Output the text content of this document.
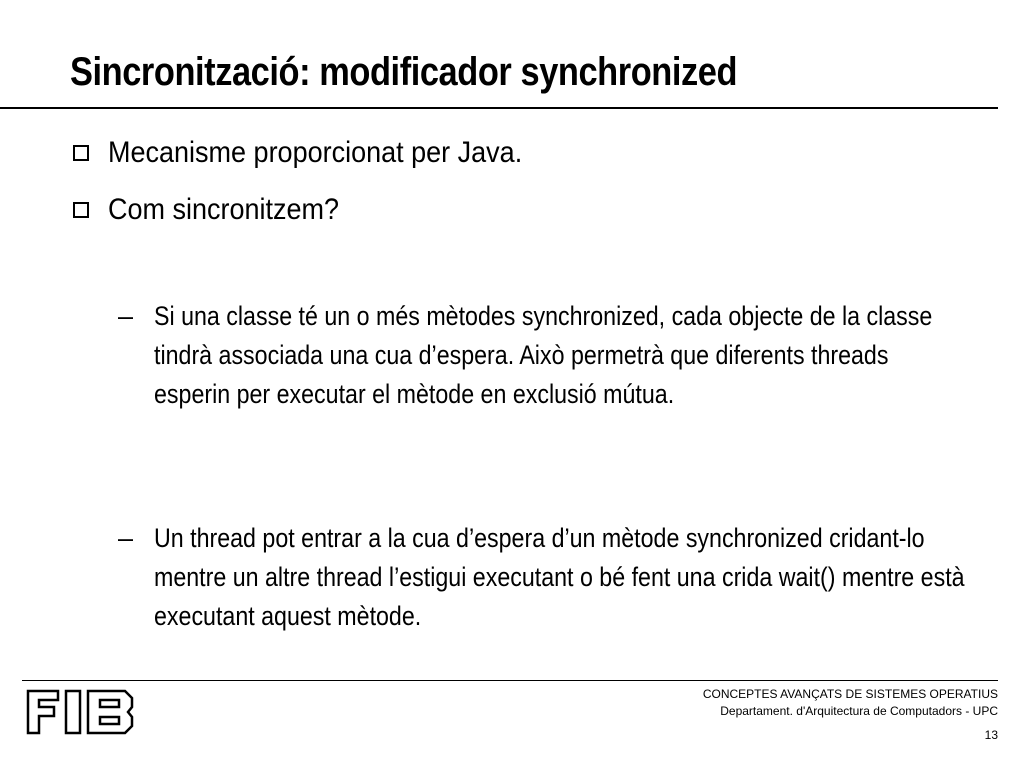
Sincronització: modificador synchronized
Mecanisme proporcionat per Java.
Com sincronitzem?
– Si una classe té un o més mètodes synchronized, cada objecte de la classe tindrà associada una cua d’espera. Això permetrà que diferents threads esperin per executar el mètode en exclusió mútua.
– Un thread pot entrar a la cua d’espera d’un mètode synchronized cridant-lo mentre un altre thread l’estigui executant o bé fent una crida wait() mentre està executant aquest mètode.
CONCEPTES AVANÇATS DE SISTEMES OPERATIUS
Departament. d'Arquitectura de Computadors - UPC
13
